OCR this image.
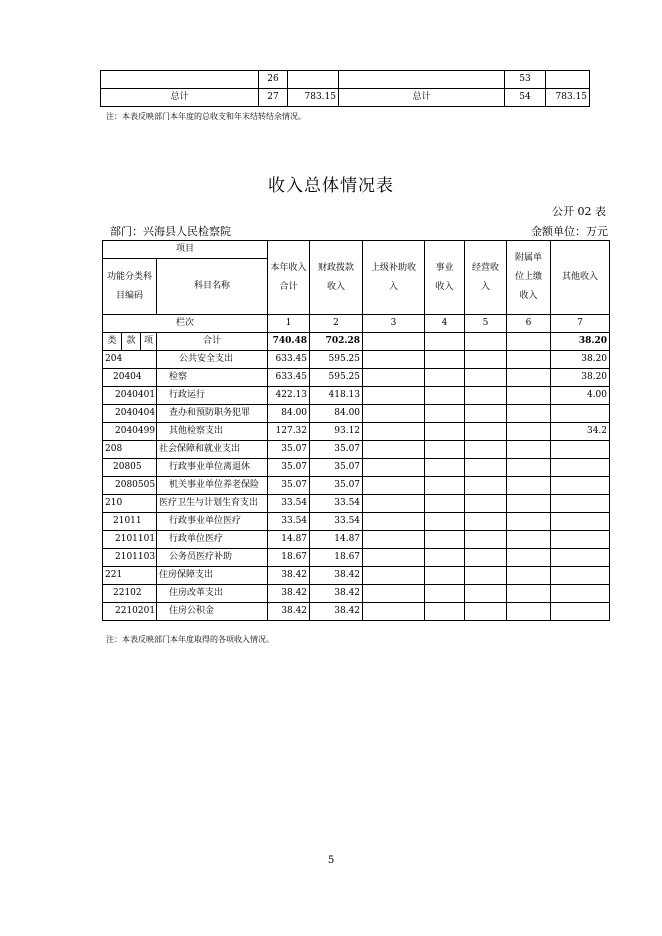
	26			53	
总计	27	783.15	总计	54	783.15
注：本表反映部门本年度的总收支和年末结转结余情况。
收入总体情况表
公开 02 表
部门：兴海县人民检察院	金额单位：万元
项目				本年收入合计	财政拨款收入	上级补助收入	事业收入	经营收入	附属单位上缴收入	其他收入
功能分类科目编码			科目名称							
栏次				1	2	3	4	5	6	7
类	款	项	合计	740.48	702.28					38.20
204			公共安全支出	633.45	595.25					38.20
20404			检察	633.45	595.25					38.20
2040401			行政运行	422.13	418.13					4.00
2040404			查办和预防职务犯罪	84.00	84.00					
2040499			其他检察支出	127.32	93.12					34.2
208			社会保障和就业支出	35.07	35.07					
20805			行政事业单位离退休	35.07	35.07					
2080505			机关事业单位养老保险	35.07	35.07					
210			医疗卫生与计划生育支出	33.54	33.54					
21011			行政事业单位医疗	33.54	33.54					
2101101			行政单位医疗	14.87	14.87					
2101103			公务员医疗补助	18.67	18.67					
221			住房保障支出	38.42	38.42					
22102			住房改革支出	38.42	38.42					
2210201			住房公积金	38.42	38.42					
注：本表反映部门本年度取得的各项收入情况。
5
